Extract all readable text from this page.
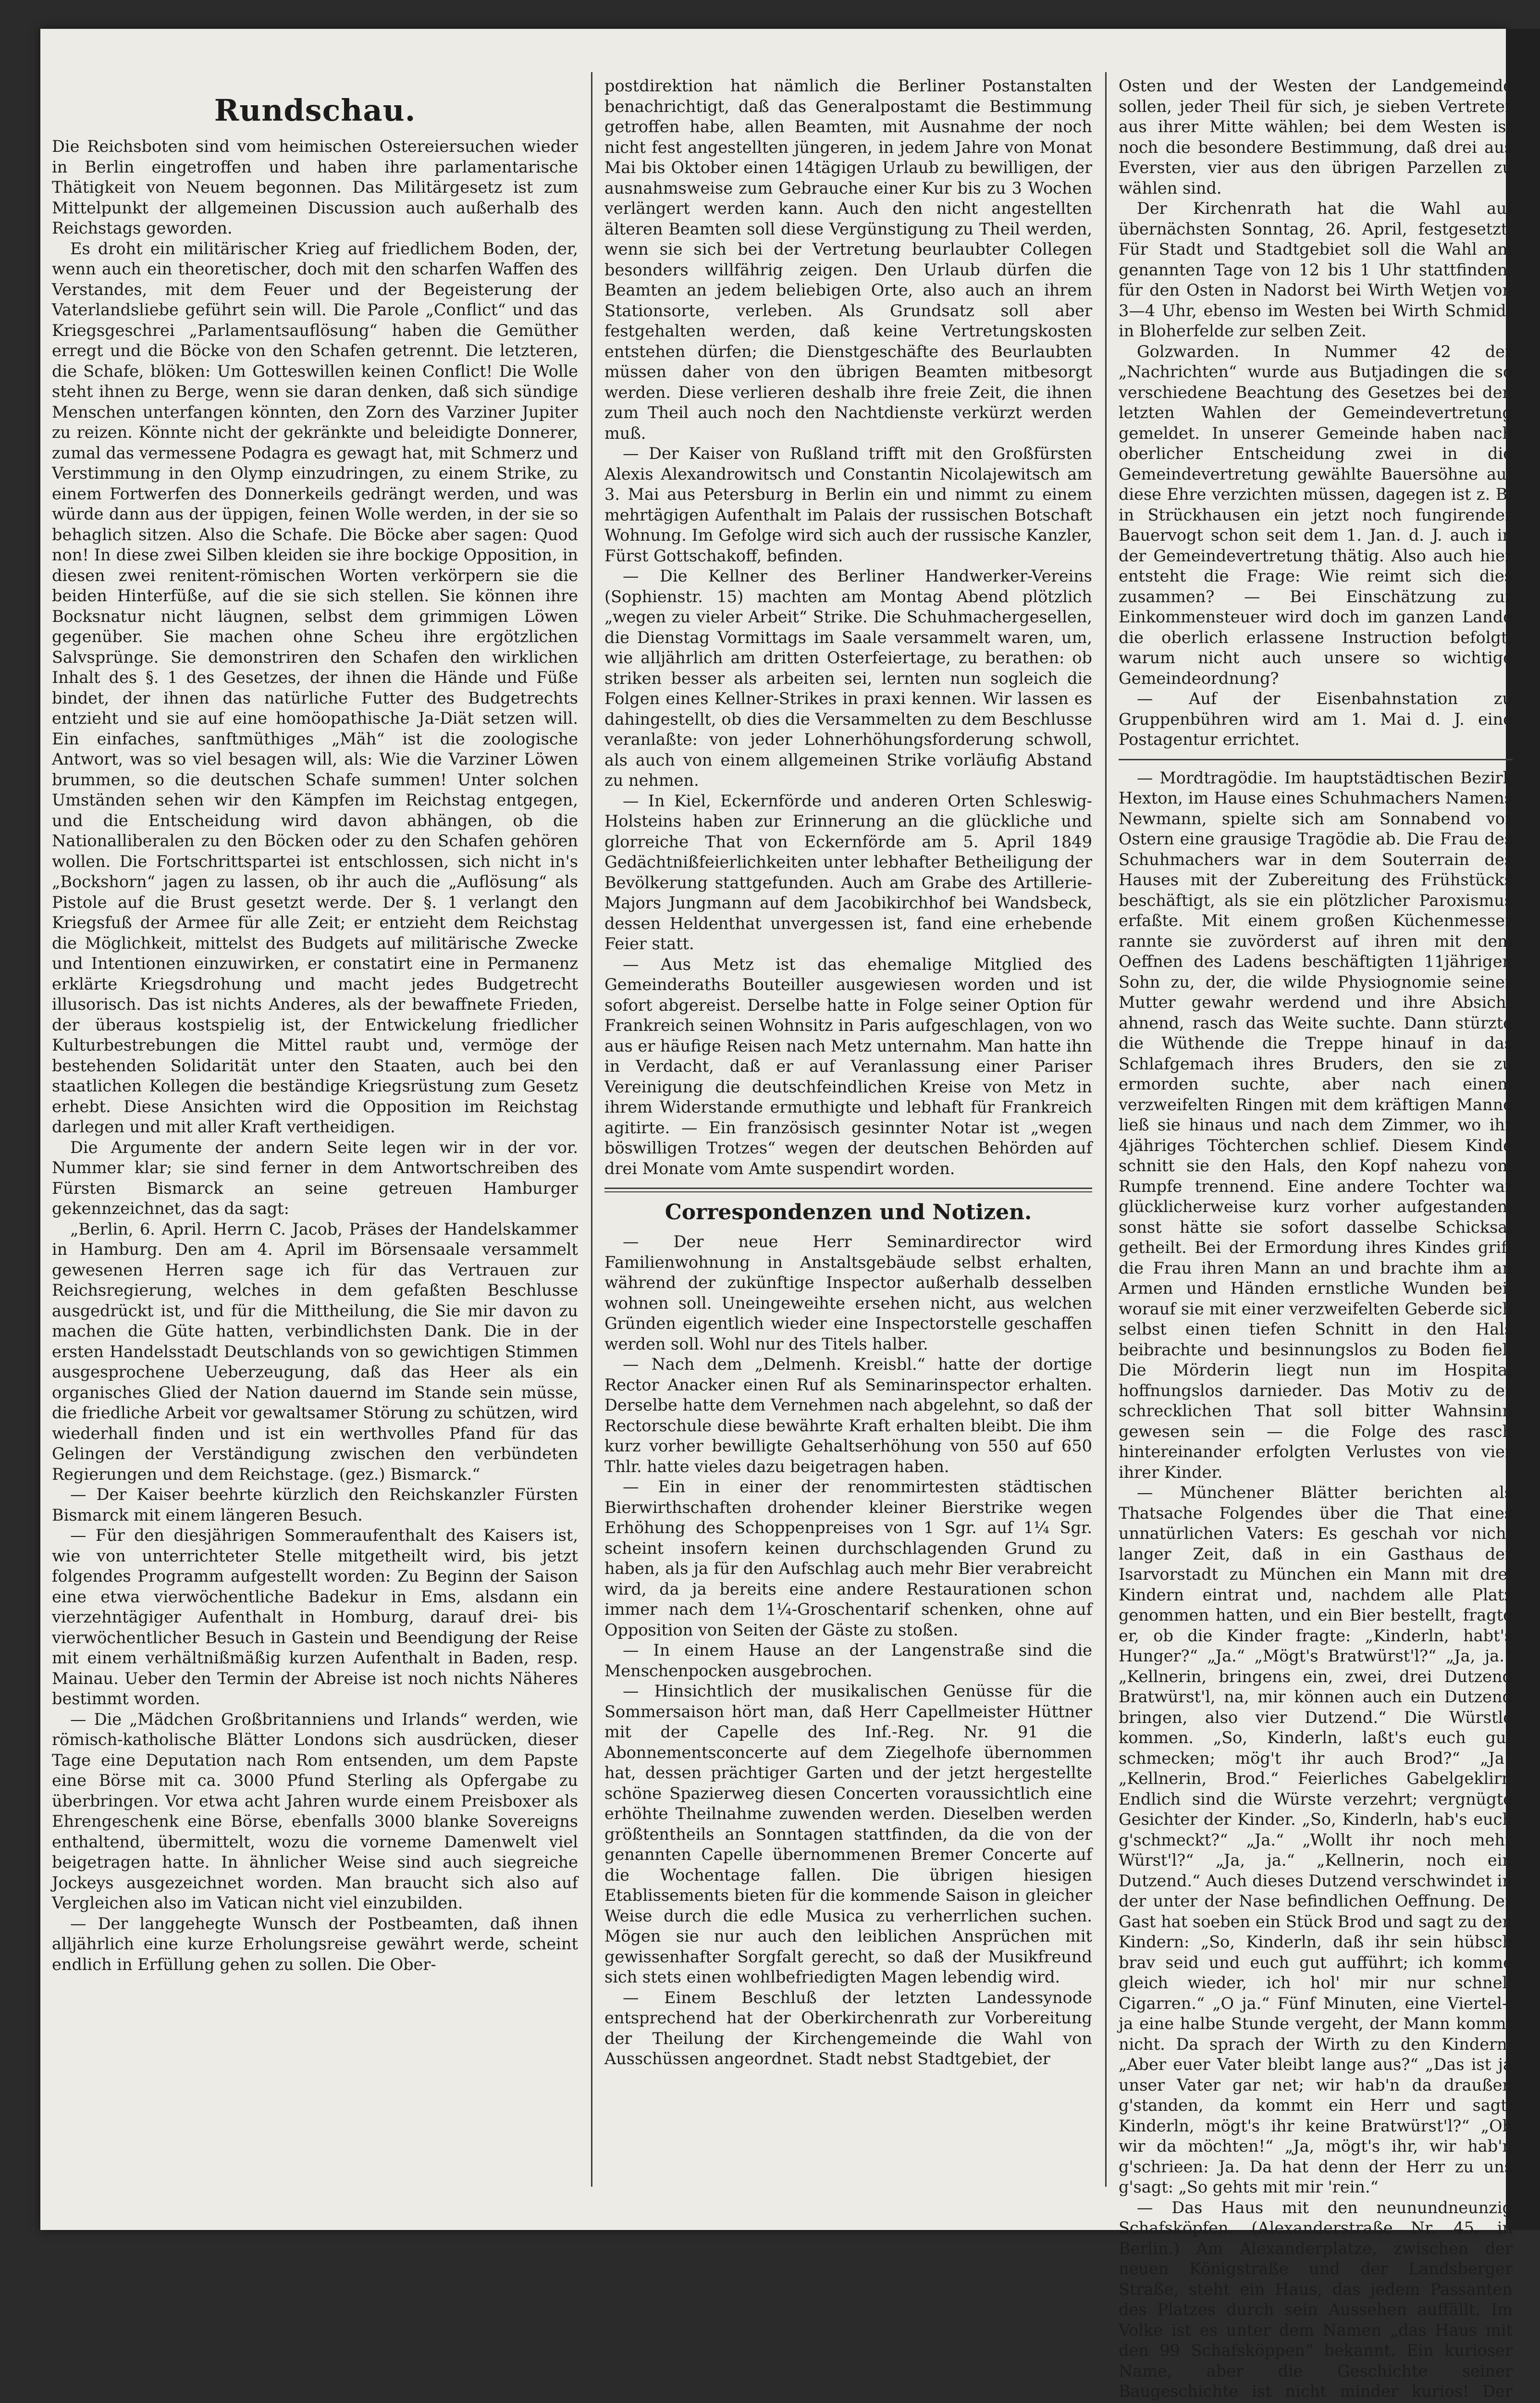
Rundschau.

Die Reichsboten sind vom heimischen Ostereiersuchen wieder in Berlin eingetroffen und haben ihre parlamentarische Thätigkeit von Neuem begonnen. Das Militärgesetz ist zum Mittelpunkt der allgemeinen Discussion auch außerhalb des Reichstags geworden.

Es droht ein militärischer Krieg auf friedlichem Boden, der, wenn auch ein theoretischer, doch mit den scharfen Waffen des Verstandes, mit dem Feuer und der Begeisterung der Vaterlandsliebe geführt sein will. Die Parole „Conflict“ und das Kriegsgeschrei „Parlamentsauflösung“ haben die Gemüther erregt und die Böcke von den Schafen getrennt. Die letzteren, die Schafe, blöken: Um Gotteswillen keinen Conflict! Die Wolle steht ihnen zu Berge, wenn sie daran denken, daß sich sündige Menschen unterfangen könnten, den Zorn des Varziner Jupiter zu reizen. Könnte nicht der gekränkte und beleidigte Donnerer, zumal das vermessene Podagra es gewagt hat, mit Schmerz und Verstimmung in den Olymp einzudringen, zu einem Strike, zu einem Fortwerfen des Donnerkeils gedrängt werden, und was würde dann aus der üppigen, feinen Wolle werden, in der sie so behaglich sitzen. Also die Schafe. Die Böcke aber sagen: Quod non! In diese zwei Silben kleiden sie ihre bockige Opposition, in diesen zwei renitent-römischen Worten verkörpern sie die beiden Hinterfüße, auf die sie sich stellen. Sie können ihre Bocksnatur nicht läugnen, selbst dem grimmigen Löwen gegenüber. Sie machen ohne Scheu ihre ergötzlichen Salvsprünge. Sie demonstriren den Schafen den wirklichen Inhalt des §. 1 des Gesetzes, der ihnen die Hände und Füße bindet, der ihnen das natürliche Futter des Budgetrechts entzieht und sie auf eine homöopathische Ja-Diät setzen will. Ein einfaches, sanftmüthiges „Mäh“ ist die zoologische Antwort, was so viel besagen will, als: Wie die Varziner Löwen brummen, so die deutschen Schafe summen! Unter solchen Umständen sehen wir den Kämpfen im Reichstag entgegen, und die Entscheidung wird davon abhängen, ob die Nationalliberalen zu den Böcken oder zu den Schafen gehören wollen. Die Fortschrittspartei ist entschlossen, sich nicht in's „Bockshorn“ jagen zu lassen, ob ihr auch die „Auflösung“ als Pistole auf die Brust gesetzt werde. Der §. 1 verlangt den Kriegsfuß der Armee für alle Zeit; er entzieht dem Reichstag die Möglichkeit, mittelst des Budgets auf militärische Zwecke und Intentionen einzuwirken, er constatirt eine in Permanenz erklärte Kriegsdrohung und macht jedes Budgetrecht illusorisch. Das ist nichts Anderes, als der bewaffnete Frieden, der überaus kostspielig ist, der Entwickelung friedlicher Kulturbestrebungen die Mittel raubt und, vermöge der bestehenden Solidarität unter den Staaten, auch bei den staatlichen Kollegen die beständige Kriegsrüstung zum Gesetz erhebt. Diese Ansichten wird die Opposition im Reichstag darlegen und mit aller Kraft vertheidigen.

Die Argumente der andern Seite legen wir in der vor. Nummer klar; sie sind ferner in dem Antwortschreiben des Fürsten Bismarck an seine getreuen Hamburger gekennzeichnet, das da sagt:

„Berlin, 6. April. Herrn C. Jacob, Präses der Handelskammer in Hamburg. Den am 4. April im Börsensaale versammelt gewesenen Herren sage ich für das Vertrauen zur Reichsregierung, welches in dem gefaßten Beschlusse ausgedrückt ist, und für die Mittheilung, die Sie mir davon zu machen die Güte hatten, verbindlichsten Dank. Die in der ersten Handelsstadt Deutschlands von so gewichtigen Stimmen ausgesprochene Ueberzeugung, daß das Heer als ein organisches Glied der Nation dauernd im Stande sein müsse, die friedliche Arbeit vor gewaltsamer Störung zu schützen, wird wiederhall finden und ist ein werthvolles Pfand für das Gelingen der Verständigung zwischen den verbündeten Regierungen und dem Reichstage. (gez.) Bismarck.“

— Der Kaiser beehrte kürzlich den Reichskanzler Fürsten Bismarck mit einem längeren Besuch.

— Für den diesjährigen Sommeraufenthalt des Kaisers ist, wie von unterrichteter Stelle mitgetheilt wird, bis jetzt folgendes Programm aufgestellt worden: Zu Beginn der Saison eine etwa vierwöchentliche Badekur in Ems, alsdann ein vierzehntägiger Aufenthalt in Homburg, darauf drei- bis vierwöchentlicher Besuch in Gastein und Beendigung der Reise mit einem verhältnißmäßig kurzen Aufenthalt in Baden, resp. Mainau. Ueber den Termin der Abreise ist noch nichts Näheres bestimmt worden.

— Die „Mädchen Großbritanniens und Irlands“ werden, wie römisch-katholische Blätter Londons sich ausdrücken, dieser Tage eine Deputation nach Rom entsenden, um dem Papste eine Börse mit ca. 3000 Pfund Sterling als Opfergabe zu überbringen. Vor etwa acht Jahren wurde einem Preisboxer als Ehrengeschenk eine Börse, ebenfalls 3000 blanke Sovereigns enthaltend, übermittelt, wozu die vorneme Damenwelt viel beigetragen hatte. In ähnlicher Weise sind auch siegreiche Jockeys ausgezeichnet worden. Man braucht sich also auf Vergleichen also im Vatican nicht viel einzubilden.

— Der langgehegte Wunsch der Postbeamten, daß ihnen alljährlich eine kurze Erholungsreise gewährt werde, scheint endlich in Erfüllung gehen zu sollen. Die Ober-

postdirektion hat nämlich die Berliner Postanstalten benachrichtigt, daß das Generalpostamt die Bestimmung getroffen habe, allen Beamten, mit Ausnahme der noch nicht fest angestellten jüngeren, in jedem Jahre von Monat Mai bis Oktober einen 14tägigen Urlaub zu bewilligen, der ausnahmsweise zum Gebrauche einer Kur bis zu 3 Wochen verlängert werden kann. Auch den nicht angestellten älteren Beamten soll diese Vergünstigung zu Theil werden, wenn sie sich bei der Vertretung beurlaubter Collegen besonders willfährig zeigen. Den Urlaub dürfen die Beamten an jedem beliebigen Orte, also auch an ihrem Stationsorte, verleben. Als Grundsatz soll aber festgehalten werden, daß keine Vertretungskosten entstehen dürfen; die Dienstgeschäfte des Beurlaubten müssen daher von den übrigen Beamten mitbesorgt werden. Diese verlieren deshalb ihre freie Zeit, die ihnen zum Theil auch noch den Nachtdienste verkürzt werden muß.

— Der Kaiser von Rußland trifft mit den Großfürsten Alexis Alexandrowitsch und Constantin Nicolajewitsch am 3. Mai aus Petersburg in Berlin ein und nimmt zu einem mehrtägigen Aufenthalt im Palais der russischen Botschaft Wohnung. Im Gefolge wird sich auch der russische Kanzler, Fürst Gottschakoff, befinden.

— Die Kellner des Berliner Handwerker-Vereins (Sophienstr. 15) machten am Montag Abend plötzlich „wegen zu vieler Arbeit“ Strike. Die Schuhmachergesellen, die Dienstag Vormittags im Saale versammelt waren, um, wie alljährlich am dritten Osterfeiertage, zu berathen: ob striken besser als arbeiten sei, lernten nun sogleich die Folgen eines Kellner-Strikes in praxi kennen. Wir lassen es dahingestellt, ob dies die Versammelten zu dem Beschlusse veranlaßte: von jeder Lohnerhöhungsforderung schwoll, als auch von einem allgemeinen Strike vorläufig Abstand zu nehmen.

— In Kiel, Eckernförde und anderen Orten Schleswig-Holsteins haben zur Erinnerung an die glückliche und glorreiche That von Eckernförde am 5. April 1849 Gedächtnißfeierlichkeiten unter lebhafter Betheiligung der Bevölkerung stattgefunden. Auch am Grabe des Artillerie-Majors Jungmann auf dem Jacobikirchhof bei Wandsbeck, dessen Heldenthat unvergessen ist, fand eine erhebende Feier statt.

— Aus Metz ist das ehemalige Mitglied des Gemeinderaths Bouteiller ausgewiesen worden und ist sofort abgereist. Derselbe hatte in Folge seiner Option für Frankreich seinen Wohnsitz in Paris aufgeschlagen, von wo aus er häufige Reisen nach Metz unternahm. Man hatte ihn in Verdacht, daß er auf Veranlassung einer Pariser Vereinigung die deutschfeindlichen Kreise von Metz in ihrem Widerstande ermuthigte und lebhaft für Frankreich agitirte. — Ein französisch gesinnter Notar ist „wegen böswilligen Trotzes“ wegen der deutschen Behörden auf drei Monate vom Amte suspendirt worden.

Correspondenzen und Notizen.

— Der neue Herr Seminardirector wird Familienwohnung in Anstaltsgebäude selbst erhalten, während der zukünftige Inspector außerhalb desselben wohnen soll. Uneingeweihte ersehen nicht, aus welchen Gründen eigentlich wieder eine Inspectorstelle geschaffen werden soll. Wohl nur des Titels halber.

— Nach dem „Delmenh. Kreisbl.“ hatte der dortige Rector Anacker einen Ruf als Seminarinspector erhalten. Derselbe hatte dem Vernehmen nach abgelehnt, so daß der Rectorschule diese bewährte Kraft erhalten bleibt. Die ihm kurz vorher bewilligte Gehaltserhöhung von 550 auf 650 Thlr. hatte vieles dazu beigetragen haben.

— Ein in einer der renommirtesten städtischen Bierwirthschaften drohender kleiner Bierstrike wegen Erhöhung des Schoppenpreises von 1 Sgr. auf 1¼ Sgr. scheint insofern keinen durchschlagenden Grund zu haben, als ja für den Aufschlag auch mehr Bier verabreicht wird, da ja bereits eine andere Restaurationen schon immer nach dem 1¼-Groschentarif schenken, ohne auf Opposition von Seiten der Gäste zu stoßen.

— In einem Hause an der Langenstraße sind die Menschenpocken ausgebrochen.

— Hinsichtlich der musikalischen Genüsse für die Sommersaison hört man, daß Herr Capellmeister Hüttner mit der Capelle des Inf.-Reg. Nr. 91 die Abonnementsconcerte auf dem Ziegelhofe übernommen hat, dessen prächtiger Garten und der jetzt hergestellte schöne Spazierweg diesen Concerten voraussichtlich eine erhöhte Theilnahme zuwenden werden. Dieselben werden größtentheils an Sonntagen stattfinden, da die von der genannten Capelle übernommenen Bremer Concerte auf die Wochentage fallen. Die übrigen hiesigen Etablissements bieten für die kommende Saison in gleicher Weise durch die edle Musica zu verherrlichen suchen. Mögen sie nur auch den leiblichen Ansprüchen mit gewissenhafter Sorgfalt gerecht, so daß der Musikfreund sich stets einen wohlbefriedigten Magen lebendig wird.

— Einem Beschluß der letzten Landessynode entsprechend hat der Oberkirchenrath zur Vorbereitung der Theilung der Kirchengemeinde die Wahl von Ausschüssen angeordnet. Stadt nebst Stadtgebiet, der

Osten und der Westen der Landgemeinde sollen, jeder Theil für sich, je sieben Vertreter aus ihrer Mitte wählen; bei dem Westen ist noch die besondere Bestimmung, daß drei aus Eversten, vier aus den übrigen Parzellen zu wählen sind.

Der Kirchenrath hat die Wahl auf übernächsten Sonntag, 26. April, festgesetzt. Für Stadt und Stadtgebiet soll die Wahl am genannten Tage von 12 bis 1 Uhr stattfinden, für den Osten in Nadorst bei Wirth Wetjen von 3—4 Uhr, ebenso im Westen bei Wirth Schmidt in Bloherfelde zur selben Zeit.

Golzwarden. In Nummer 42 der „Nachrichten“ wurde aus Butjadingen die so verschiedene Beachtung des Gesetzes bei den letzten Wahlen der Gemeindevertretung gemeldet. In unserer Gemeinde haben nach oberlicher Entscheidung zwei in die Gemeindevertretung gewählte Bauersöhne auf diese Ehre verzichten müssen, dagegen ist z. B. in Strückhausen ein jetzt noch fungirender Bauervogt schon seit dem 1. Jan. d. J. auch in der Gemeindevertretung thätig. Also auch hier entsteht die Frage: Wie reimt sich dies zusammen? — Bei Einschätzung zur Einkommensteuer wird doch im ganzen Lande die oberlich erlassene Instruction befolgt, warum nicht auch unsere so wichtige Gemeindeordnung?

— Auf der Eisenbahnstation zu Gruppenbühren wird am 1. Mai d. J. eine Postagentur errichtet.

— Mordtragödie. Im hauptstädtischen Bezirk Hexton, im Hause eines Schuhmachers Namens Newmann, spielte sich am Sonnabend vor Ostern eine grausige Tragödie ab. Die Frau des Schuhmachers war in dem Souterrain des Hauses mit der Zubereitung des Frühstücks beschäftigt, als sie ein plötzlicher Paroxismus erfaßte. Mit einem großen Küchenmesser rannte sie zuvörderst auf ihren mit dem Oeffnen des Ladens beschäftigten 11jährigen Sohn zu, der, die wilde Physiognomie seiner Mutter gewahr werdend und ihre Absicht ahnend, rasch das Weite suchte. Dann stürzte die Wüthende die Treppe hinauf in das Schlafgemach ihres Bruders, den sie zu ermorden suchte, aber nach einem verzweifelten Ringen mit dem kräftigen Manne ließ sie hinaus und nach dem Zimmer, wo ihr 4jähriges Töchterchen schlief. Diesem Kinde schnitt sie den Hals, den Kopf nahezu vom Rumpfe trennend. Eine andere Tochter war glücklicherweise kurz vorher aufgestanden, sonst hätte sie sofort dasselbe Schicksal getheilt. Bei der Ermordung ihres Kindes griff die Frau ihren Mann an und brachte ihm an Armen und Händen ernstliche Wunden bei, worauf sie mit einer verzweifelten Geberde sich selbst einen tiefen Schnitt in den Hals beibrachte und besinnungslos zu Boden fiel. Die Mörderin liegt nun im Hospital hoffnungslos darnieder. Das Motiv zu der schrecklichen That soll bitter Wahnsinn gewesen sein — die Folge des rasch hintereinander erfolgten Verlustes von vier ihrer Kinder.

— Münchener Blätter berichten als Thatsache Folgendes über die That eines unnatürlichen Vaters: Es geschah vor nicht langer Zeit, daß in ein Gasthaus der Isarvorstadt zu München ein Mann mit drei Kindern eintrat und, nachdem alle Platz genommen hatten, und ein Bier bestellt, fragte er, ob die Kinder fragte: „Kinderln, habt's Hunger?“ „Ja.“ „Mögt's Bratwürst'l?“ „Ja, ja.“ „Kellnerin, bringens ein, zwei, drei Dutzend Bratwürst'l, na, mir können auch ein Dutzend bringen, also vier Dutzend.“ Die Würstle kommen. „So, Kinderln, laßt's euch gut schmecken; mög't ihr auch Brod?“ „Ja“ „Kellnerin, Brod.“ Feierliches Gabelgeklirr. Endlich sind die Würste verzehrt; vergnügte Gesichter der Kinder. „So, Kinderln, hab's euch g'schmeckt?“ „Ja.“ „Wollt ihr noch mehr Würst'l?“ „Ja, ja.“ „Kellnerin, noch ein Dutzend.“ Auch dieses Dutzend verschwindet in der unter der Nase befindlichen Oeffnung. Der Gast hat soeben ein Stück Brod und sagt zu den Kindern: „So, Kinderln, daß ihr sein hübsch brav seid und euch gut aufführt; ich komme gleich wieder, ich hol' mir nur schnell Cigarren.“ „O ja.“ Fünf Minuten, eine Viertel-, ja eine halbe Stunde vergeht, der Mann kommt nicht. Da sprach der Wirth zu den Kindern: „Aber euer Vater bleibt lange aus?“ „Das ist ja unser Vater gar net; wir hab'n da draußen g'standen, da kommt ein Herr und sagt: Kinderln, mögt's ihr keine Bratwürst'l?“ „Ob wir da möchten!“ „Ja, mögt's ihr, wir hab'n g'schrieen: Ja. Da hat denn der Herr zu uns g'sagt: „So gehts mit mir 'rein.“

— Das Haus mit den neunundneunzig Schafsköpfen. (Alexanderstraße Nr. 45. in Berlin.) Am Alexanderplatze, zwischen der neuen Königstraße und der Landsberger Straße, steht ein Haus, das jedem Passanten des Platzes durch sein Aussehen auffällt. Im Volke ist es unter dem Namen „das Haus mit den 99 Schafsköppen“ bekannt. Ein kurioser Name, aber die Geschichte seiner Baugeschichte ist nicht minder kurios! Der
